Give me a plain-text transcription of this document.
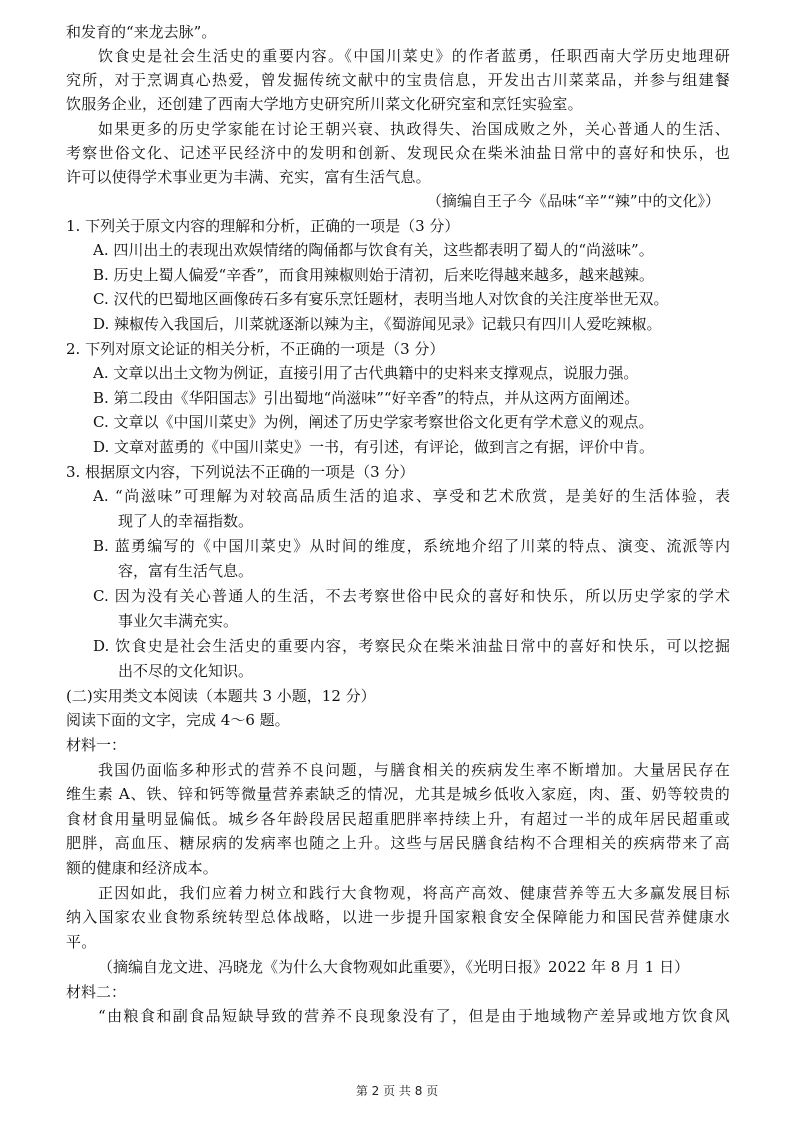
和发育的“来龙去脉”。
饮食史是社会生活史的重要内容。《中国川菜史》的作者蓝勇，任职西南大学历史地理研
究所，对于烹调真心热爱，曾发掘传统文献中的宝贵信息，开发出古川菜菜品，并参与组建餐
饮服务企业，还创建了西南大学地方史研究所川菜文化研究室和烹饪实验室。
如果更多的历史学家能在讨论王朝兴衰、执政得失、治国成败之外，关心普通人的生活、
考察世俗文化、记述平民经济中的发明和创新、发现民众在柴米油盐日常中的喜好和快乐，也
许可以使得学术事业更为丰满、充实，富有生活气息。
（摘编自王子今《品味“辛”“辣”中的文化》）
1. 下列关于原文内容的理解和分析，正确的一项是（3 分）
A. 四川出土的表现出欢娱情绪的陶俑都与饮食有关，这些都表明了蜀人的“尚滋味”。
B. 历史上蜀人偏爱“辛香”，而食用辣椒则始于清初，后来吃得越来越多，越来越辣。
C. 汉代的巴蜀地区画像砖石多有宴乐烹饪题材，表明当地人对饮食的关注度举世无双。
D. 辣椒传入我国后，川菜就逐渐以辣为主，《蜀游闻见录》记载只有四川人爱吃辣椒。
2. 下列对原文论证的相关分析，不正确的一项是（3 分）
A. 文章以出土文物为例证，直接引用了古代典籍中的史料来支撑观点，说服力强。
B. 第二段由《华阳国志》引出蜀地“尚滋味”“好辛香”的特点，并从这两方面阐述。
C. 文章以《中国川菜史》为例，阐述了历史学家考察世俗文化更有学术意义的观点。
D. 文章对蓝勇的《中国川菜史》一书，有引述，有评论，做到言之有据，评价中肯。
3. 根据原文内容，下列说法不正确的一项是（3 分）
A. “尚滋味”可理解为对较高品质生活的追求、享受和艺术欣赏，是美好的生活体验，表
现了人的幸福指数。
B. 蓝勇编写的《中国川菜史》从时间的维度，系统地介绍了川菜的特点、演变、流派等内
容，富有生活气息。
C. 因为没有关心普通人的生活，不去考察世俗中民众的喜好和快乐，所以历史学家的学术
事业欠丰满充实。
D. 饮食史是社会生活史的重要内容，考察民众在柴米油盐日常中的喜好和快乐，可以挖掘
出不尽的文化知识。
(二)实用类文本阅读（本题共 3 小题，12 分）
阅读下面的文字，完成 4～6 题。
材料一：
我国仍面临多种形式的营养不良问题，与膳食相关的疾病发生率不断增加。大量居民存在
维生素 A、铁、锌和钙等微量营养素缺乏的情况，尤其是城乡低收入家庭，肉、蛋、奶等较贵的
食材食用量明显偏低。城乡各年龄段居民超重肥胖率持续上升，有超过一半的成年居民超重或
肥胖，高血压、糖尿病的发病率也随之上升。这些与居民膳食结构不合理相关的疾病带来了高
额的健康和经济成本。
正因如此，我们应着力树立和践行大食物观，将高产高效、健康营养等五大多赢发展目标
纳入国家农业食物系统转型总体战略，以进一步提升国家粮食安全保障能力和国民营养健康水
平。
（摘编自龙文进、冯晓龙《为什么大食物观如此重要》，《光明日报》2022 年 8 月 1 日）
材料二：
“由粮食和副食品短缺导致的营养不良现象没有了，但是由于地域物产差异或地方饮食风
第 2 页 共 8 页
